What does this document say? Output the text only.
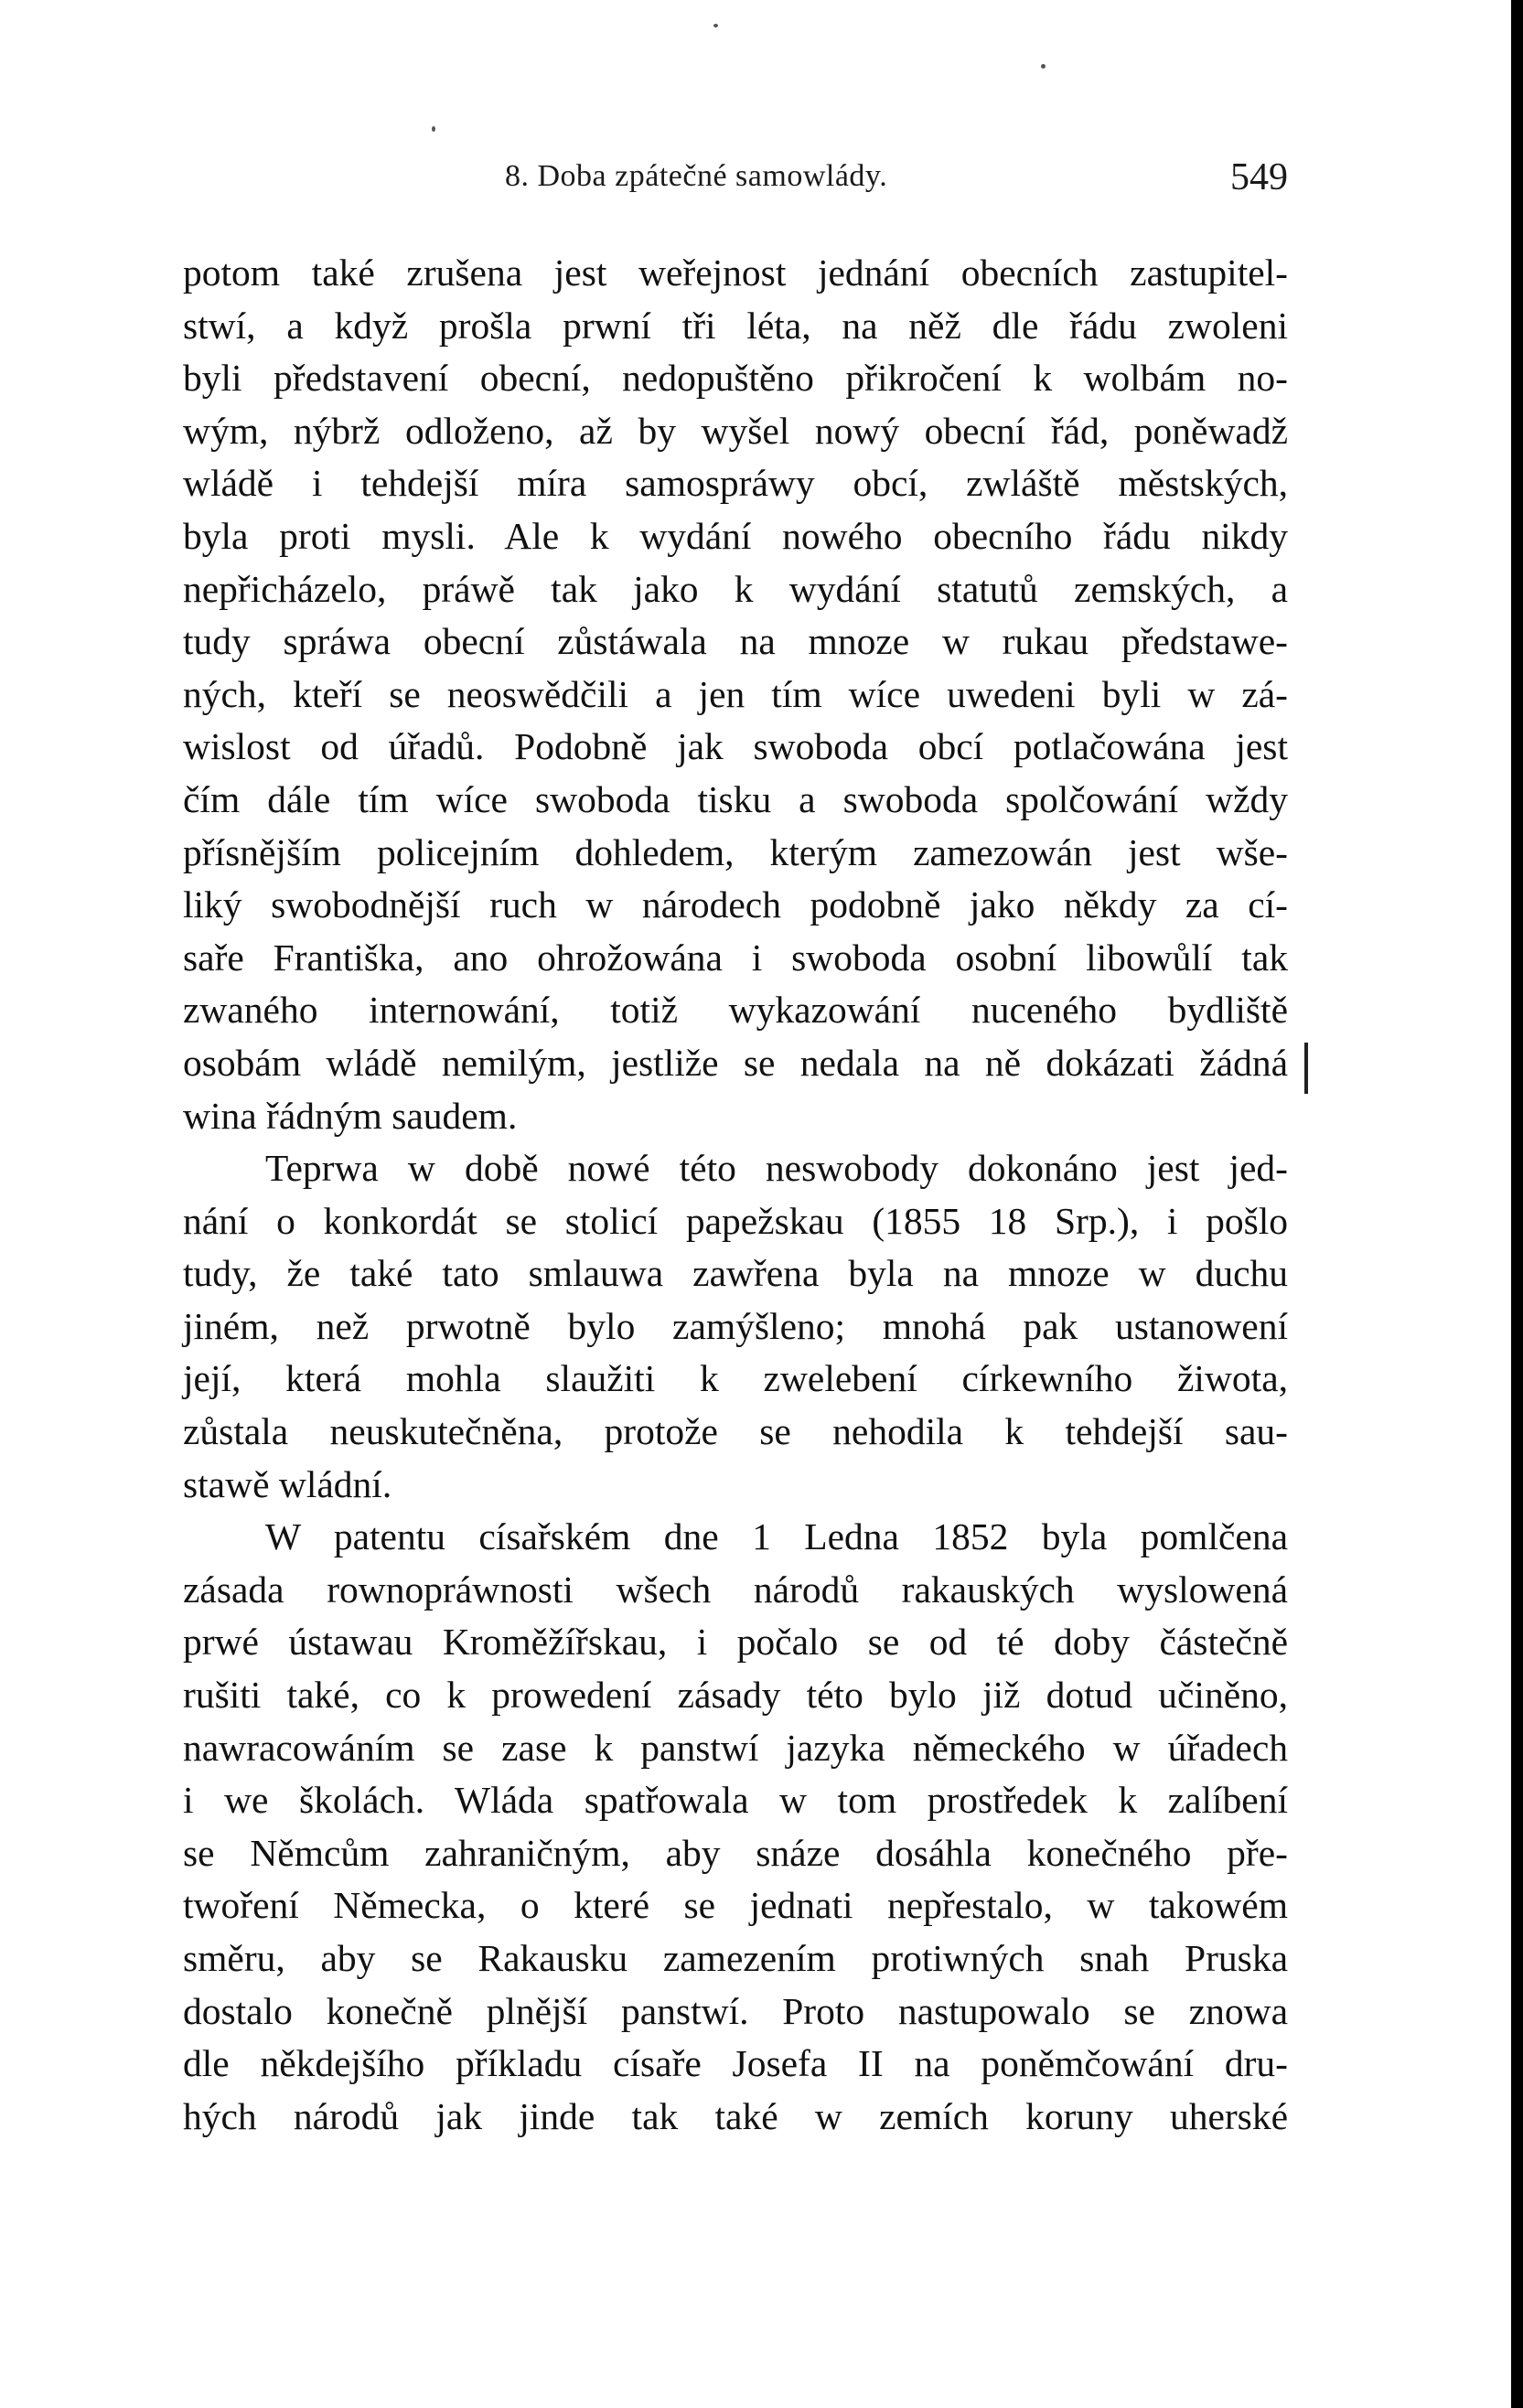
8. Doba zpátečné samowlády.	549
potom také zrušena jest weřejnost jednání obecních zastupitel-
stwí, a když prošla prwní tři léta, na něž dle řádu zwoleni
byli představení obecní, nedopuštěno přikročení k wolbám no-
wým, nýbrž odloženo, až by wyšel nowý obecní řád, poněwadž
wládě i tehdejší míra samospráwy obcí, zwláště městských,
byla proti mysli. Ale k wydání nowého obecního řádu nikdy
nepřicházelo, práwě tak jako k wydání statutů zemských, a
tudy spráwa obecní zůstáwala na mnoze w rukau předstawe-
ných, kteří se neoswědčili a jen tím wíce uwedeni byli w zá-
wislost od úřadů. Podobně jak swoboda obcí potlačowána jest
čím dále tím wíce swoboda tisku a swoboda spolčowání wždy
přísnějším policejním dohledem, kterým zamezowán jest wše-
liký swobodnější ruch w národech podobně jako někdy za cí-
saře Františka, ano ohrožowána i swoboda osobní libowůlí tak
zwaného internowání, totiž wykazowání nuceného bydliště
osobám wládě nemilým, jestliže se nedala na ně dokázati žádná
wina řádným saudem.
Teprwa w době nowé této neswobody dokonáno jest jed-
nání o konkordát se stolicí papežskau (1855 18 Srp.), i pošlo
tudy, že také tato smlauwa zawřena byla na mnoze w duchu
jiném, než prwotně bylo zamýšleno; mnohá pak ustanowení
její, která mohla slaužiti k zwelebení církewního žiwota,
zůstala neuskutečněna, protože se nehodila k tehdejší sau-
stawě wládní.
W patentu císařském dne 1 Ledna 1852 byla pomlčena
zásada rownopráwnosti wšech národů rakauských wyslowená
prwé ústawau Kroměžířskau, i počalo se od té doby částečně
rušiti také, co k prowedení zásady této bylo již dotud učiněno,
nawracowáním se zase k panstwí jazyka německého w úřadech
i we školách. Wláda spatřowala w tom prostředek k zalíbení
se Němcům zahraničným, aby snáze dosáhla konečného pře-
twoření Německa, o které se jednati nepřestalo, w takowém
směru, aby se Rakausku zamezením protiwných snah Pruska
dostalo konečně plnější panstwí. Proto nastupowalo se znowa
dle někdejšího příkladu císaře Josefa II na poněmčowání dru-
hých národů jak jinde tak také w zemích koruny uherské
